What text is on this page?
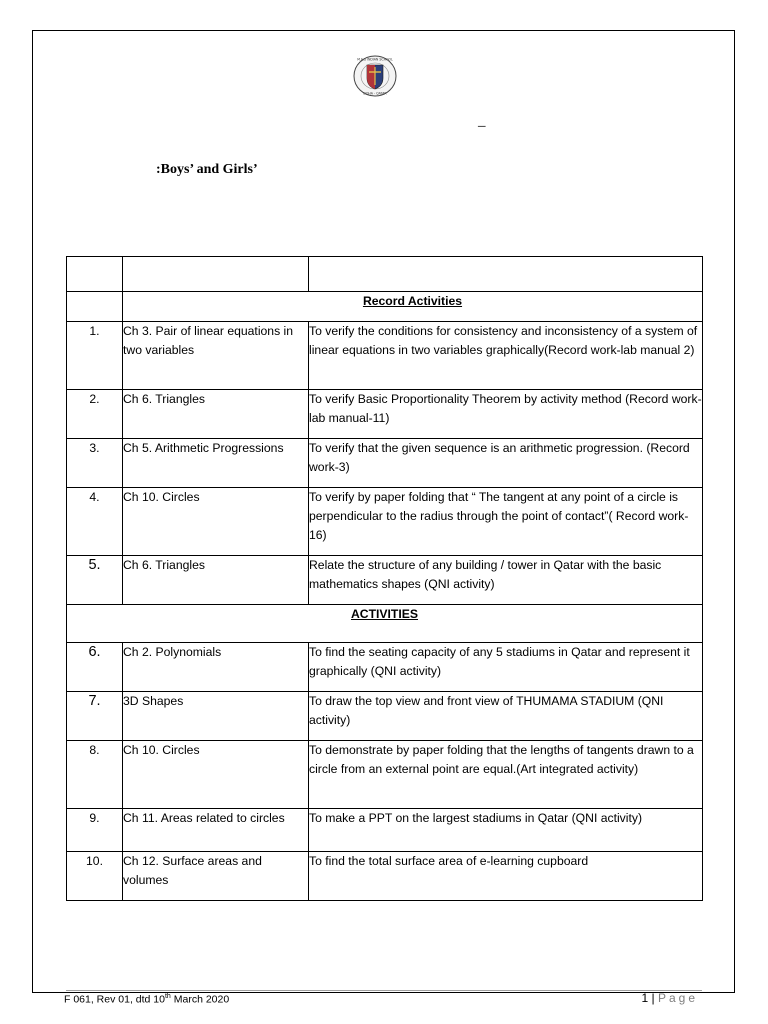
M.E.S INDIAN SCHOOL
DOHA - QATAR
–
:Boys’ and Girls’

	Record Activities	
1.	Ch 3. Pair of linear equations in two variables	To verify the conditions for consistency and inconsistency of a system of linear equations in two variables graphically(Record work-lab manual 2)
2.	Ch 6. Triangles	To verify Basic Proportionality Theorem by activity method (Record work-lab manual-11)
3.	Ch 5. Arithmetic Progressions	To verify that the given sequence is an arithmetic progression. (Record work-3)
4.	Ch 10. Circles	To verify by paper folding that “ The tangent at any point of a circle is perpendicular to the radius through the point of contact”( Record work-16)
5.	Ch 6. Triangles	Relate the structure of any building / tower in Qatar with the basic mathematics shapes (QNI activity)
ACTIVITIES		
6.	Ch 2. Polynomials	To find the seating capacity of any 5 stadiums in Qatar and represent it graphically (QNI activity)
7.	3D Shapes	To draw the top view and front view of THUMAMA STADIUM (QNI activity)
8.	Ch 10. Circles	To demonstrate by paper folding that the lengths of tangents drawn to a circle from an external point are equal.(Art integrated activity)
9.	Ch 11. Areas related to circles	To make a PPT on the largest stadiums in Qatar (QNI activity)
10.	Ch 12. Surface areas and volumes	To find the total surface area of e-learning cupboard
F 061, Rev 01, dtd 10th March 2020	1 | Page
